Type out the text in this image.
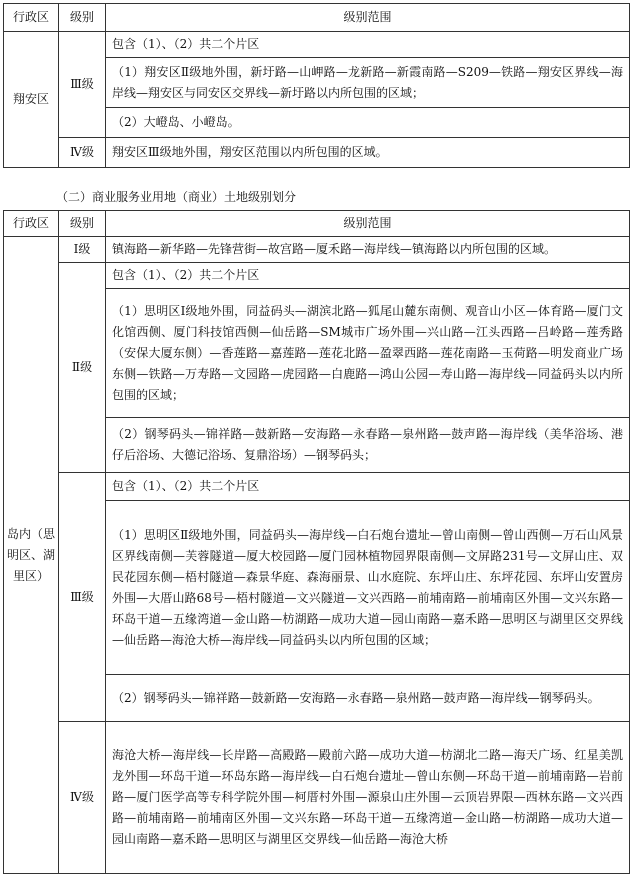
行政区	级别	级别范围
翔安区	Ⅲ级	包含（1）、（2）共二个片区
		（1）翔安区Ⅱ级地外围，新圩路—山岬路—龙新路—新霞南路—S209—铁路—翔安区界线—海岸线—翔安区与同安区交界线—新圩路以内所包围的区域；
		（2）大嶝岛、小嶝岛。
	Ⅳ级	翔安区Ⅲ级地外围，翔安区范围以内所包围的区域。
（二）商业服务业用地（商业）土地级别划分
行政区	级别	级别范围
岛内（思明区、湖里区）	Ⅰ级	镇海路—新华路—先锋营街—故宫路—厦禾路—海岸线—镇海路以内所包围的区域。
	Ⅱ级	包含（1）、（2）共二个片区
		（1）思明区Ⅰ级地外围，同益码头—湖滨北路—狐尾山麓东南侧、观音山小区—体育路—厦门文化馆西侧、厦门科技馆西侧—仙岳路—SM城市广场外围—兴山路—江头西路—吕岭路—莲秀路（安保大厦东侧）—香莲路—嘉莲路—莲花北路—盈翠西路—莲花南路—玉荷路—明发商业广场东侧—铁路—万寿路—文园路—虎园路—白鹿路—鸿山公园—寿山路—海岸线—同益码头以内所包围的区域；
		（2）钢琴码头—锦祥路—鼓新路—安海路—永春路—泉州路—鼓声路—海岸线（美华浴场、港仔后浴场、大德记浴场、复鼎浴场）—钢琴码头；
	Ⅲ级	包含（1）、（2）共二个片区
		（1）思明区Ⅱ级地外围，同益码头—海岸线—白石炮台遗址—曾山南侧—曾山西侧—万石山风景区界线南侧—芙蓉隧道—厦大校园路—厦门园林植物园界限南侧—文屏路231号—文屏山庄、双民花园东侧—梧村隧道—森景华庭、森海丽景、山水庭院、东坪山庄、东坪花园、东坪山安置房外围—大厝山路68号—梧村隧道—文兴隧道—文兴西路—前埔南路—前埔南区外围—文兴东路—环岛干道—五缘湾道—金山路—枋湖路—成功大道—园山南路—嘉禾路—思明区与湖里区交界线—仙岳路—海沧大桥—海岸线—同益码头以内所包围的区域；
		（2）钢琴码头—锦祥路—鼓新路—安海路—永春路—泉州路—鼓声路—海岸线—钢琴码头。
	Ⅳ级	海沧大桥—海岸线—长岸路—高殿路—殿前六路—成功大道—枋湖北二路—海天广场、红星美凯龙外围—环岛干道—环岛东路—海岸线—白石炮台遗址—曾山东侧—环岛干道—前埔南路—岩前路—厦门医学高等专科学院外围—柯厝村外围—源泉山庄外围—云顶岩界限—西林东路—文兴西路—前埔南路—前埔南区外围—文兴东路—环岛干道—五缘湾道—金山路—枋湖路—成功大道—园山南路—嘉禾路—思明区与湖里区交界线—仙岳路—海沧大桥
